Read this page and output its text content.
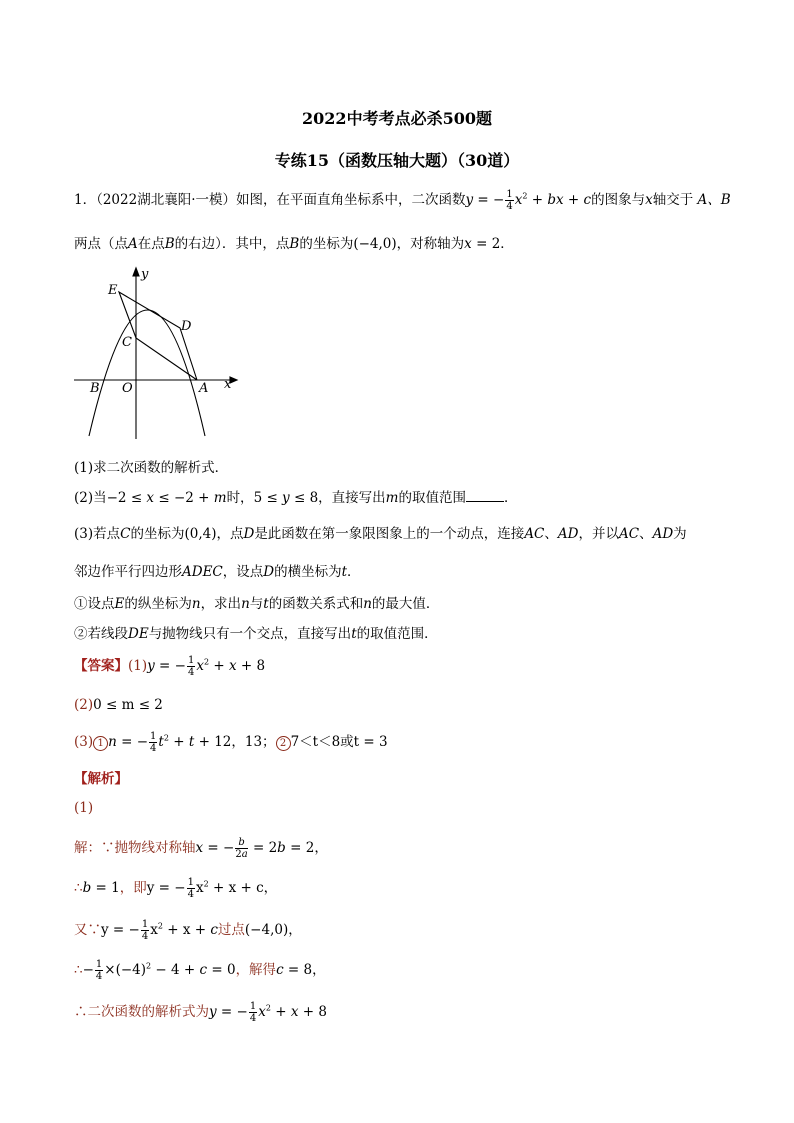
2022中考考点必杀500题
专练15（函数压轴大题）（30道）
1．（2022湖北襄阳·一模）如图，在平面直角坐标系中，二次函数y = − $\frac{1}{4} x^2$ + bx + c的图象与x轴交于 A、B
两点（点A在点B的右边）．其中，点B的坐标为(−4,0)，对称轴为x = 2．
y
x
E
D
C
B O	A
(1)求二次函数的解析式．
(2)当−2 ≤ x ≤ −2 + m时，5 ≤ y ≤ 8，直接写出m的取值范围	．
(3)若点C的坐标为(0,4)，点D是此函数在第一象限图象上的一个动点，连接AC、AD，并以AC、AD为
邻边作平行四边形ADEC，设点D的横坐标为t．
①设点E的纵坐标为n，求出n与t的函数关系式和n的最大值．
②若线段DE与抛物线只有一个交点，直接写出t的取值范围．
【答案】(1)y = − $\frac{1}{4} x^2 + x + 8$
(2)0 ≤ m ≤ 2
(3) 1 n = − $\frac{1}{4} t^2 + t + 12$，13； 2 7＜t＜8或t = 3
【解析】
(1)
解：∵抛物线对称轴x = − $\frac{b}{2a} = 2b = 2$，
∴b = 1，即y = − $\frac{1}{4} x^2 + x + c$，
又∵y = − $\frac{1}{4} x^2 + x + c$过点(−4,0)，
∴− $\frac{1}{4} \times(-4)^2 - 4 + c = 0$，解得c = 8，
∴二次函数的解析式为y = − $\frac{1}{4} x^2 + x + 8$
